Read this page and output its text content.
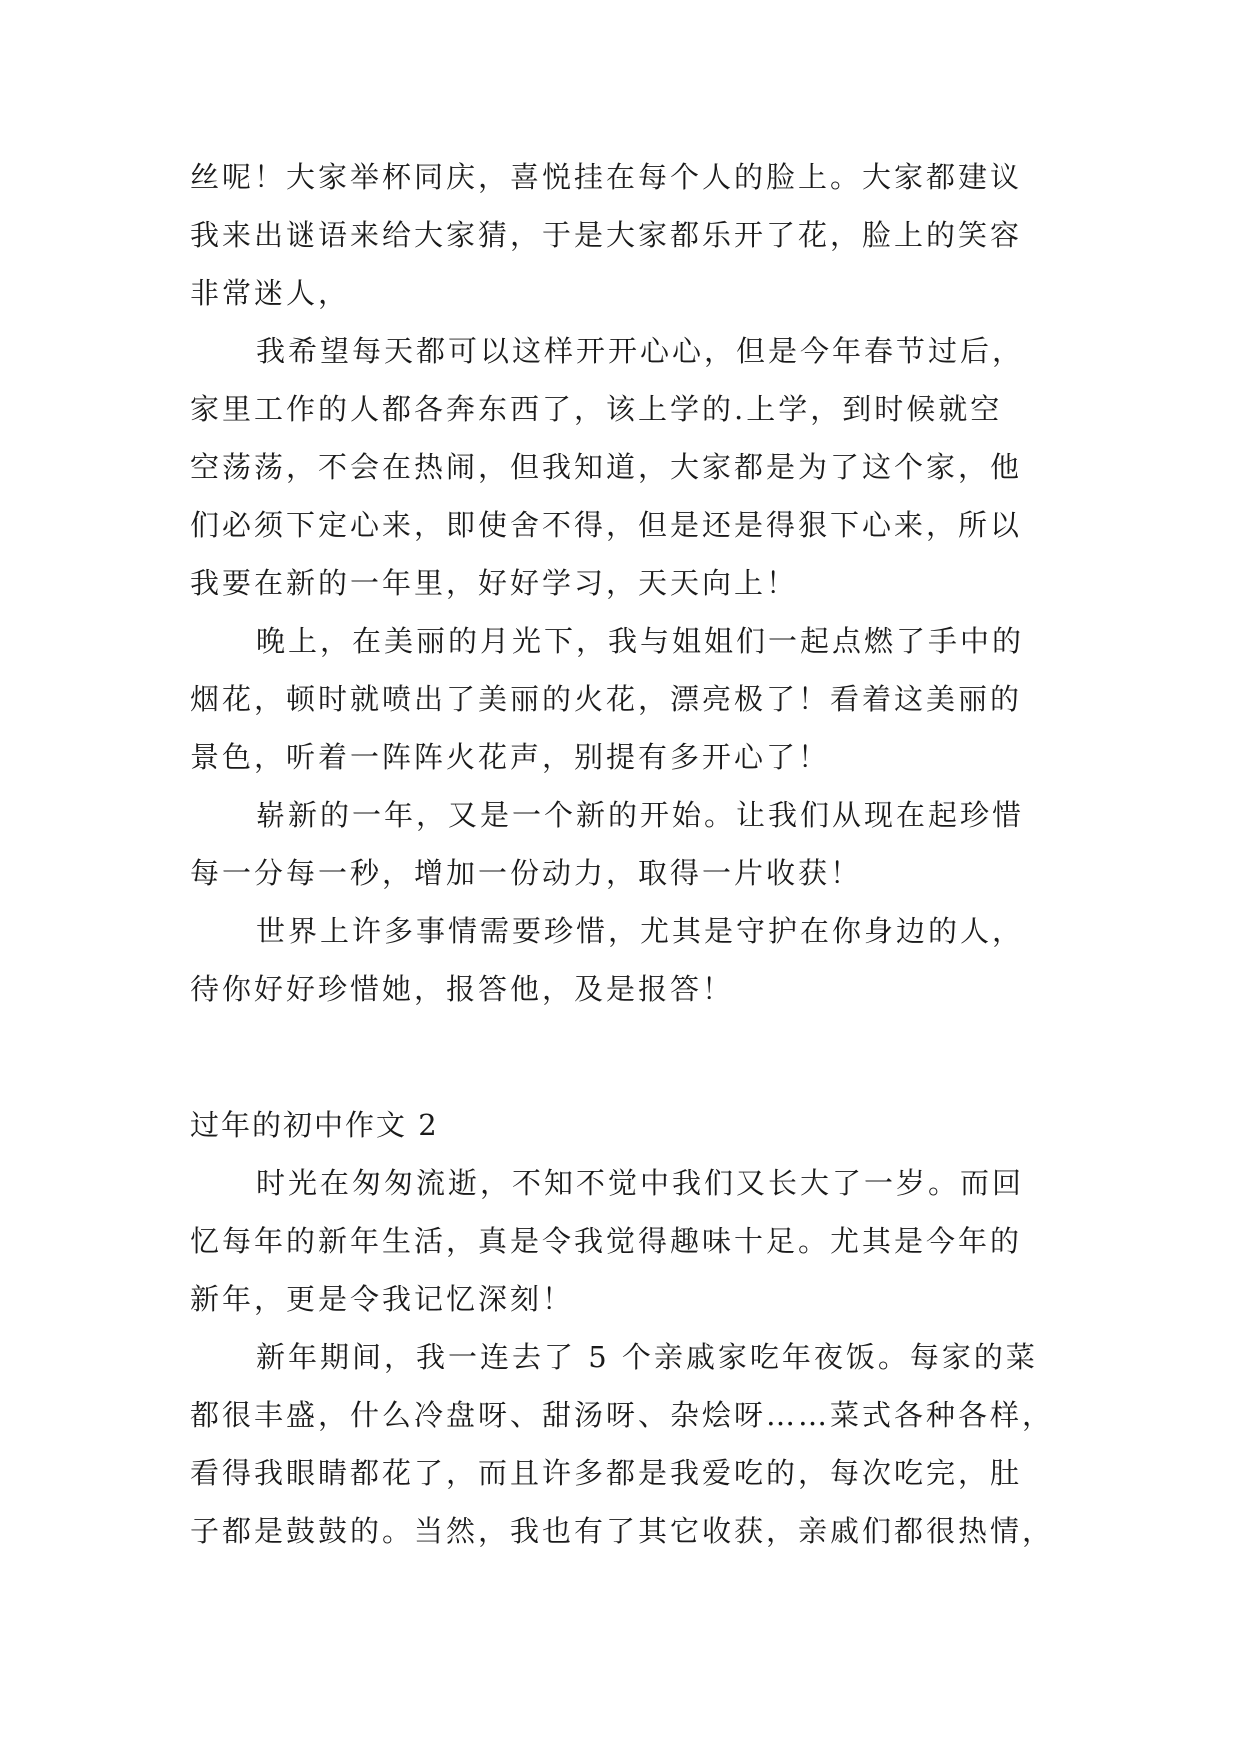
丝呢！大家举杯同庆，喜悦挂在每个人的脸上。大家都建议
我来出谜语来给大家猜，于是大家都乐开了花，脸上的笑容
非常迷人，
我希望每天都可以这样开开心心，但是今年春节过后，
家里工作的人都各奔东西了，该上学的.上学，到时候就空
空荡荡，不会在热闹，但我知道，大家都是为了这个家，他
们必须下定心来，即使舍不得，但是还是得狠下心来，所以
我要在新的一年里，好好学习，天天向上！
晚上，在美丽的月光下，我与姐姐们一起点燃了手中的
烟花，顿时就喷出了美丽的火花，漂亮极了！看着这美丽的
景色，听着一阵阵火花声，别提有多开心了！
崭新的一年，又是一个新的开始。让我们从现在起珍惜
每一分每一秒，增加一份动力，取得一片收获！
世界上许多事情需要珍惜，尤其是守护在你身边的人，
待你好好珍惜她，报答他，及是报答！
过年的初中作文 2
时光在匆匆流逝，不知不觉中我们又长大了一岁。而回
忆每年的新年生活，真是令我觉得趣味十足。尤其是今年的
新年，更是令我记忆深刻！
新年期间，我一连去了 5 个亲戚家吃年夜饭。每家的菜
都很丰盛，什么冷盘呀、甜汤呀、杂烩呀……菜式各种各样，
看得我眼睛都花了，而且许多都是我爱吃的，每次吃完，肚
子都是鼓鼓的。当然，我也有了其它收获，亲戚们都很热情，
